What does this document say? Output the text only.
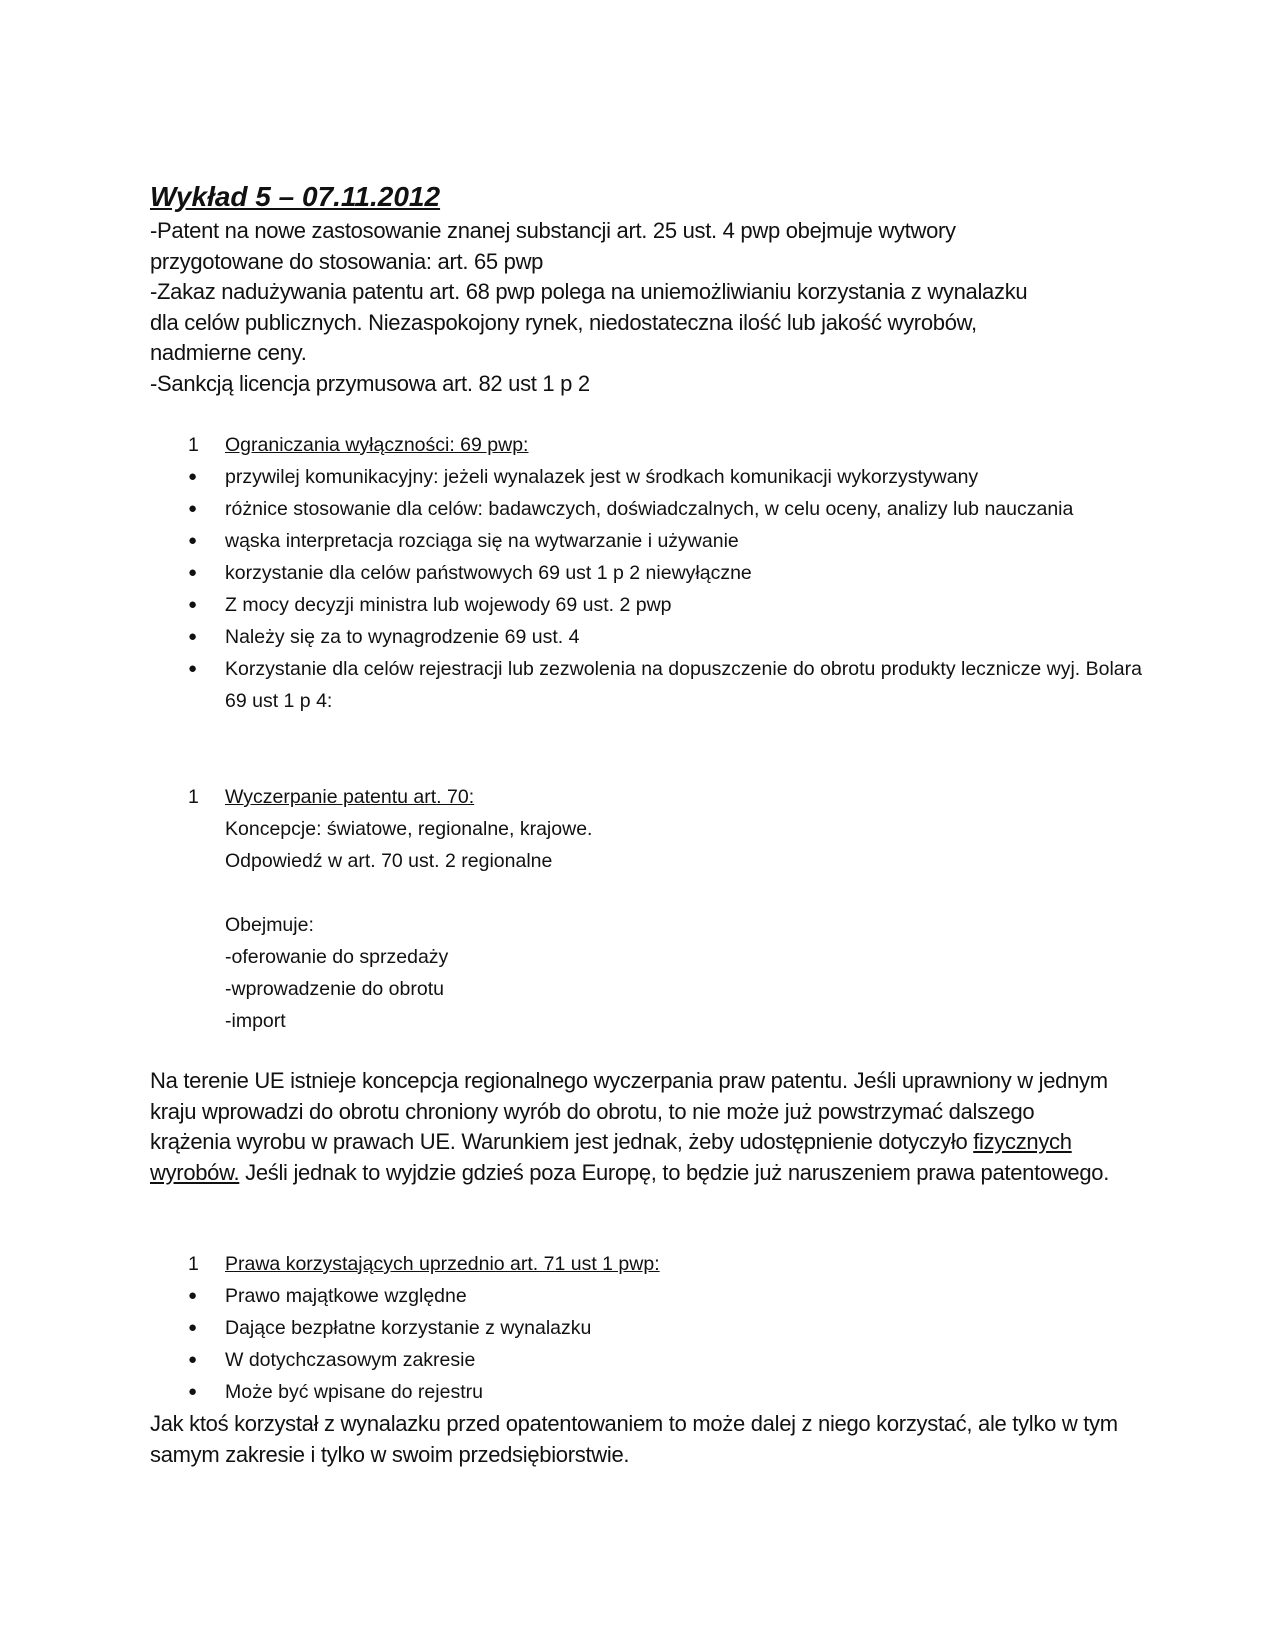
Wykład 5 – 07.11.2012

-Patent na nowe zastosowanie znanej substancji art. 25 ust. 4 pwp obejmuje wytwory

przygotowane do stosowania: art. 65 pwp

-Zakaz nadużywania patentu art. 68 pwp polega na uniemożliwianiu korzystania z wynalazku

dla celów publicznych. Niezaspokojony rynek, niedostateczna ilość lub jakość wyrobów,

nadmierne ceny.

-Sankcją licencja przymusowa art. 82 ust 1 p 2

1 Ograniczania wyłączności: 69 pwp:
● przywilej komunikacyjny: jeżeli wynalazek jest w środkach komunikacji wykorzystywany
● różnice stosowanie dla celów: badawczych, doświadczalnych, w celu oceny, analizy lub nauczania
● wąska interpretacja rozciąga się na wytwarzanie i używanie
● korzystanie dla celów państwowych 69 ust 1 p 2 niewyłączne
● Z mocy decyzji ministra lub wojewody 69 ust. 2 pwp
● Należy się za to wynagrodzenie 69 ust. 4
● Korzystanie dla celów rejestracji lub zezwolenia na dopuszczenie do obrotu produkty lecznicze wyj. Bolara 69 ust 1 p 4:
1 Wyczerpanie patentu art. 70:
Koncepcje: światowe, regionalne, krajowe.
Odpowiedź w art. 70 ust. 2 regionalne
Obejmuje:
-oferowanie do sprzedaży
-wprowadzenie do obrotu
-import
Na terenie UE istnieje koncepcja regionalnego wyczerpania praw patentu. Jeśli uprawniony w jednym kraju wprowadzi do obrotu chroniony wyrób do obrotu, to nie może już powstrzymać dalszego krążenia wyrobu w prawach UE. Warunkiem jest jednak, żeby udostępnienie dotyczyło fizycznych wyrobów. Jeśli jednak to wyjdzie gdzieś poza Europę, to będzie już naruszeniem prawa patentowego.
1 Prawa korzystających uprzednio art. 71 ust 1 pwp:
● Prawo majątkowe względne
● Dające bezpłatne korzystanie z wynalazku
● W dotychczasowym zakresie
● Może być wpisane do rejestru
Jak ktoś korzystał z wynalazku przed opatentowaniem to może dalej z niego korzystać, ale tylko w tym samym zakresie i tylko w swoim przedsiębiorstwie.
